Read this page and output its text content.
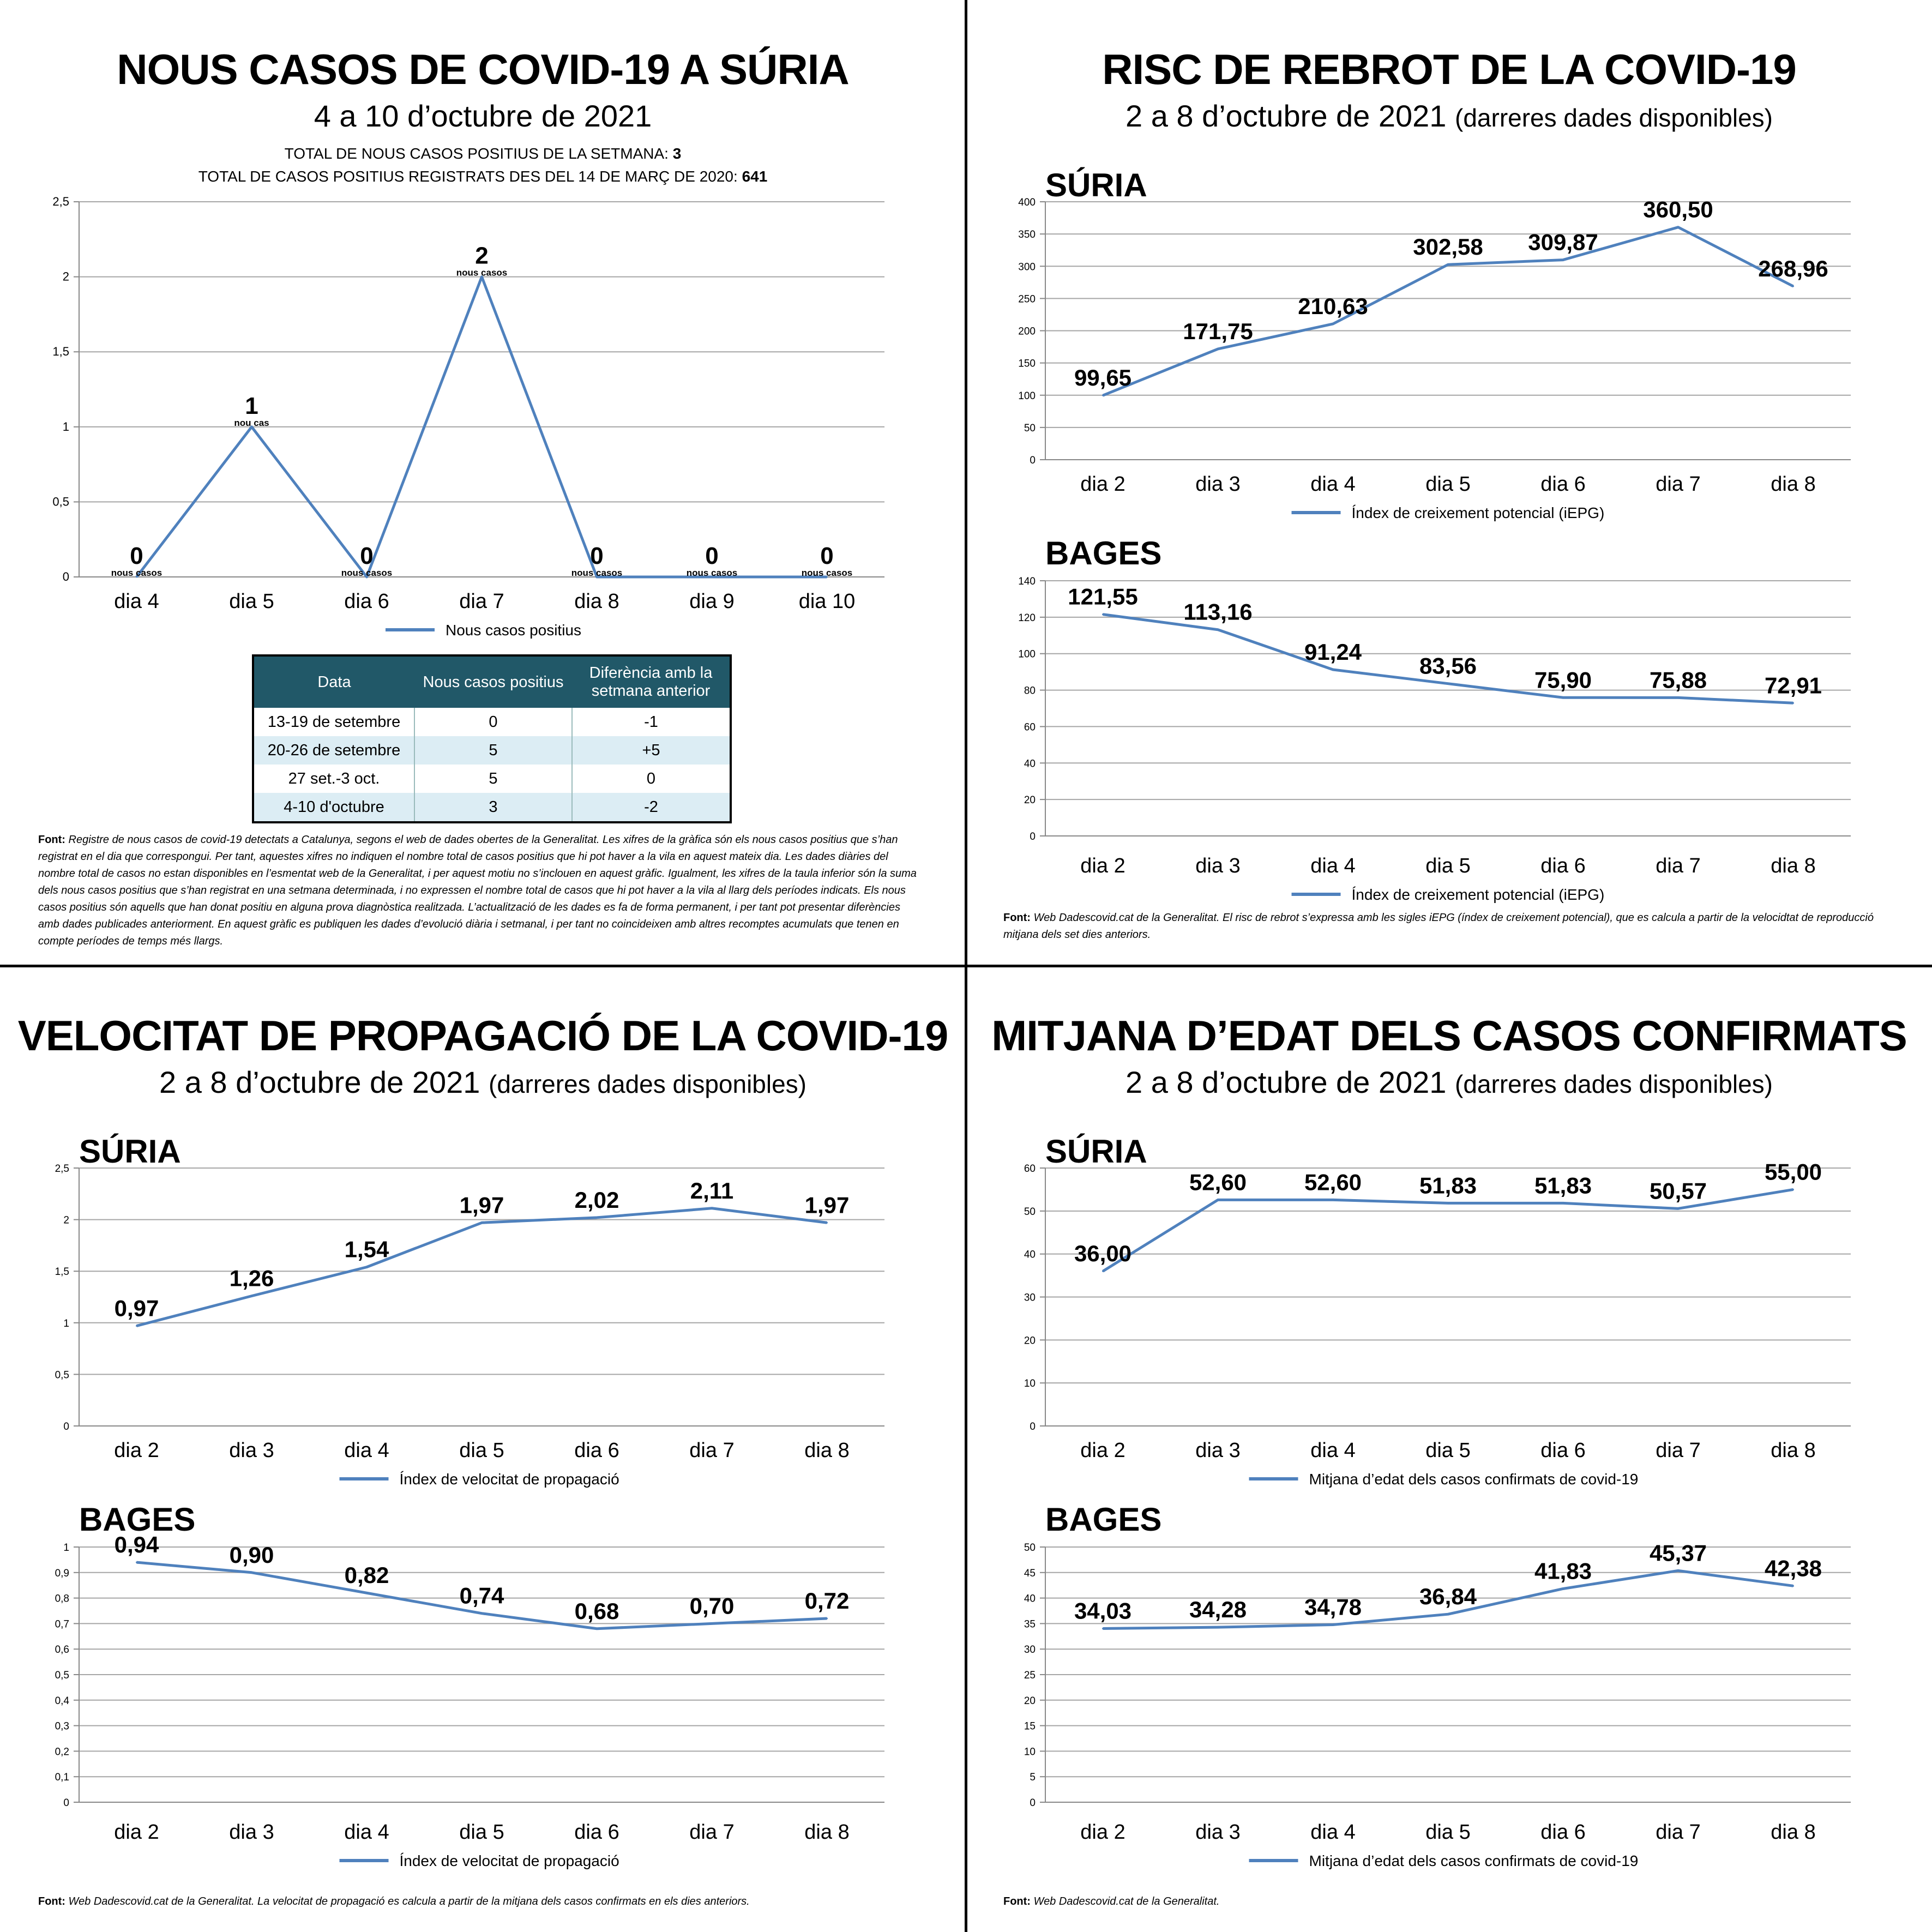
NOUS CASOS DE COVID-19 A SÚRIA
4 a 10 d’octubre de 2021
TOTAL DE NOUS CASOS POSITIUS DE LA SETMANA: 3
TOTAL DE CASOS POSITIUS REGISTRATS DES DEL 14 DE MARÇ DE 2020: 641
0
0,5
1
1,5
2
2,5
dia 4	dia 5	dia 6	dia 7	dia 8	dia 9	dia 10
0
nous casos
1
nou cas
0
nous casos
2
nous casos
0
nous casos
0
nous casos
0
nous casos
Nous casos positius
Data	Nous casos positius	Diferència amb la
setmana anterior
13-19 de setembre	0	-1
20-26 de setembre	5	+5
27 set.-3 oct.	5	0
4-10 d'octubre	3	-2
Font: Registre de nous casos de covid-19 detectats a Catalunya, segons el web de dades obertes de la Generalitat. Les xifres de la gràfica són els nous casos positius que s’han registrat en el dia que correspongui. Per tant, aquestes xifres no indiquen el nombre total de casos positius que hi pot haver a la vila en aquest mateix dia. Les dades diàries del nombre total de casos no estan disponibles en l’esmentat web de la Generalitat, i per aquest motiu no s’inclouen en aquest gràfic. Igualment, les xifres de la taula inferior són la suma dels nous casos positius que s’han registrat en una setmana determinada, i no expressen el nombre total de casos que hi pot haver a la vila al llarg dels períodes indicats. Els nous casos positius són aquells que han donat positiu en alguna prova diagnòstica realitzada. L’actualització de les dades es fa de forma permanent, i per tant pot presentar diferències amb dades publicades anteriorment. En aquest gràfic es publiquen les dades d’evolució diària i setmanal, i per tant no coincideixen amb altres recomptes acumulats que tenen en compte períodes de temps més llargs.
RISC DE REBROT DE LA COVID-19
2 a 8 d’octubre de 2021 (darreres dades disponibles)
SÚRIA
0
50
100
150
200
250
300
350
400
dia 2	dia 3	dia 4	dia 5	dia 6	dia 7	dia 8
99,65
171,75
210,63
302,58 309,87
360,50
268,96
Índex de creixement potencial (iEPG)
BAGES
0
20
40
60
80
100
120
140
dia 2	dia 3	dia 4	dia 5	dia 6	dia 7	dia 8
121,55
113,16
91,24
83,56
75,90	75,88	72,91
Índex de creixement potencial (iEPG)
Font: Web Dadescovid.cat de la Generalitat. El risc de rebrot s’expressa amb les sigles iEPG (índex de creixement potencial), que es calcula a partir de la velocidtat de reproducció mitjana dels set dies anteriors.
VELOCITAT DE PROPAGACIÓ DE LA COVID-19
2 a 8 d’octubre de 2021 (darreres dades disponibles)
SÚRIA
0
0,5
1
1,5
2
2,5
dia 2	dia 3	dia 4	dia 5	dia 6	dia 7	dia 8
0,97
1,26
1,54
1,97	2,02	2,11
1,97
Índex de velocitat de propagació
BAGES
0
0,1
0,2
0,3
0,4
0,5
0,6
0,7
0,8
0,9
1
dia 2	dia 3	dia 4	dia 5	dia 6	dia 7	dia 8
0,94	0,90
0,82
0,74
0,68	0,70	0,72
Índex de velocitat de propagació
Font: Web Dadescovid.cat de la Generalitat. La velocitat de propagació es calcula a partir de la mitjana dels casos confirmats en els dies anteriors.
MITJANA D’EDAT DELS CASOS CONFIRMATS
2 a 8 d’octubre de 2021 (darreres dades disponibles)
SÚRIA
0
10
20
30
40
50
60
dia 2	dia 3	dia 4	dia 5	dia 6	dia 7	dia 8
36,00
52,60	52,60	51,83	51,83	50,57
55,00
Mitjana d’edat dels casos confirmats de covid-19
BAGES
0
5
10
15
20
25
30
35
40
45
50
dia 2	dia 3	dia 4	dia 5	dia 6	dia 7	dia 8
34,03	34,28	34,78	36,84
41,83
45,37
42,38
Mitjana d’edat dels casos confirmats de covid-19
Font: Web Dadescovid.cat de la Generalitat.
